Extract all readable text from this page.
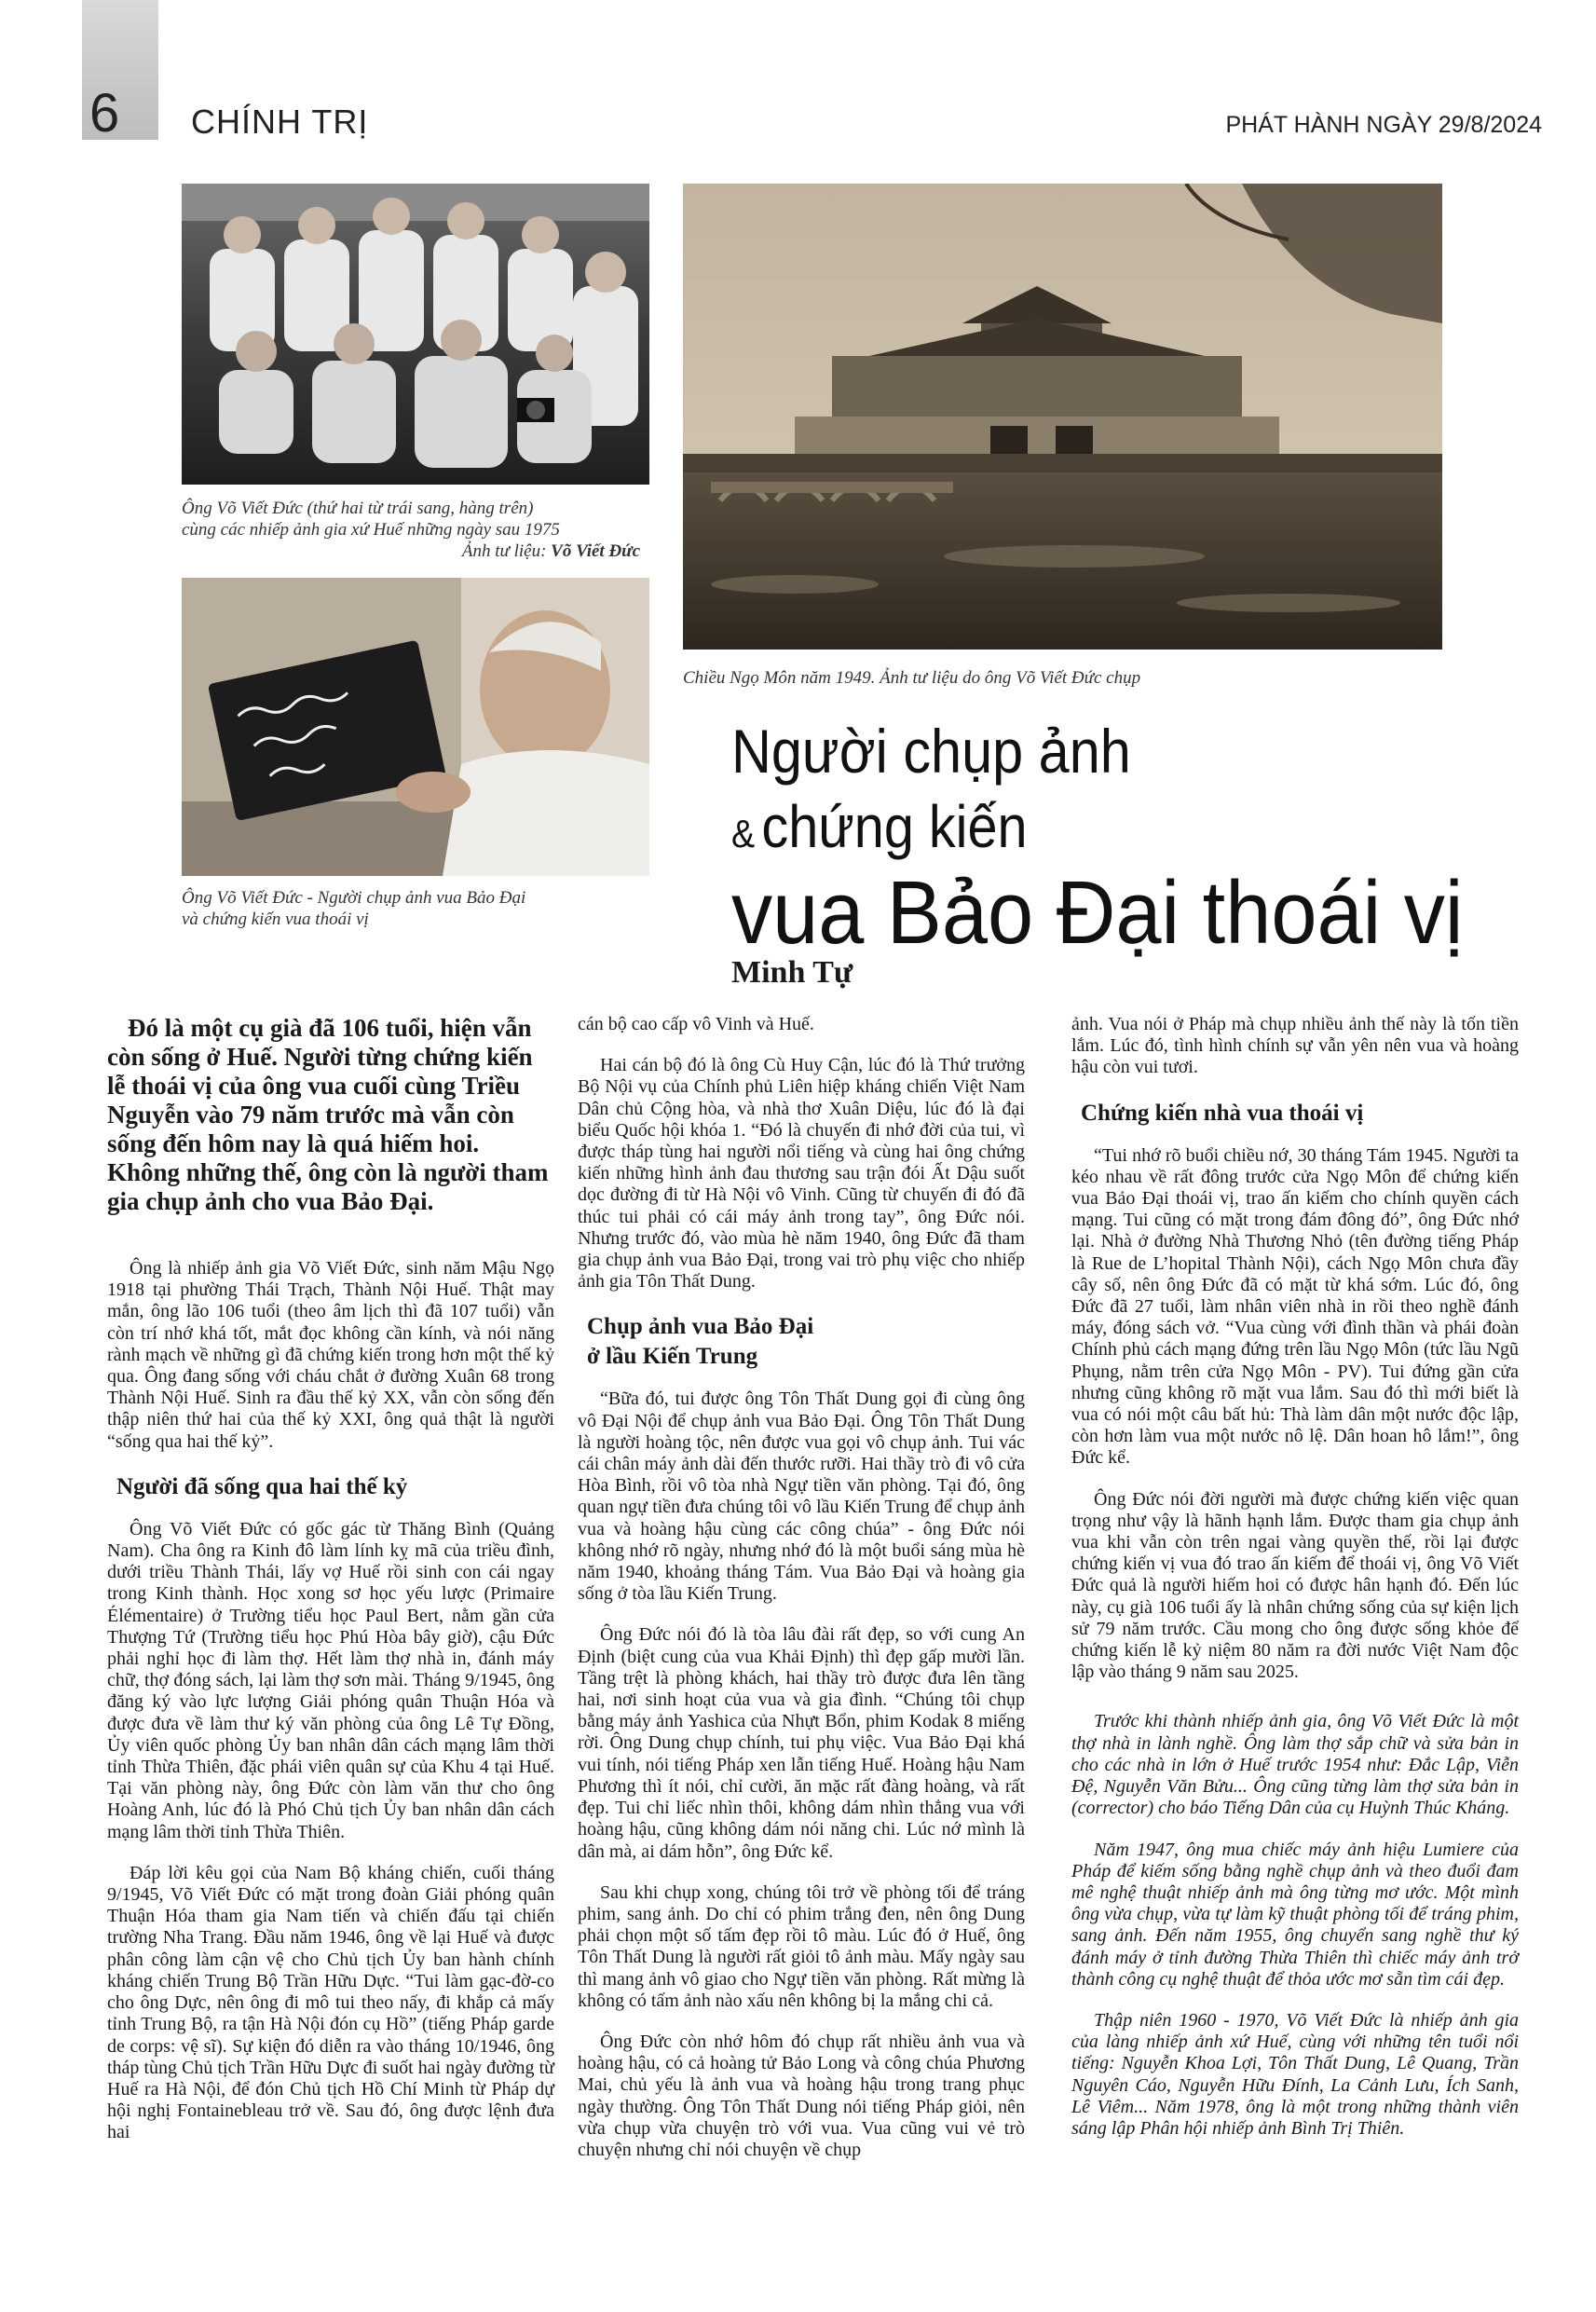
6 CHÍNH TRỊ	PHÁT HÀNH NGÀY 29/8/2024
Ông Võ Viết Đức (thứ hai từ trái sang, hàng trên)
cùng các nhiếp ảnh gia xứ Huế những ngày sau 1975
Ảnh tư liệu: Võ Viết Đức
Chiều Ngọ Môn năm 1949. Ảnh tư liệu do ông Võ Viết Đức chụp
Ông Võ Viết Đức - Người chụp ảnh vua Bảo Đại
và chứng kiến vua thoái vị
Người chụp ảnh
& chứng kiến
vua Bảo Đại thoái vị
Minh Tự
Đó là một cụ già đã 106 tuổi, hiện vẫn còn sống ở Huế. Người từng chứng kiến lễ thoái vị của ông vua cuối cùng Triều Nguyễn vào 79 năm trước mà vẫn còn sống đến hôm nay là quá hiếm hoi. Không những thế, ông còn là người tham gia chụp ảnh cho vua Bảo Đại.

Ông là nhiếp ảnh gia Võ Viết Đức, sinh năm Mậu Ngọ 1918 tại phường Thái Trạch, Thành Nội Huế. Thật may mắn, ông lão 106 tuổi (theo âm lịch thì đã 107 tuổi) vẫn còn trí nhớ khá tốt, mắt đọc không cần kính, và nói năng rành mạch về những gì đã chứng kiến trong hơn một thế kỷ qua. Ông đang sống với cháu chắt ở đường Xuân 68 trong Thành Nội Huế. Sinh ra đầu thế kỷ XX, vẫn còn sống đến thập niên thứ hai của thế kỷ XXI, ông quả thật là người “sống qua hai thế kỷ”.

Người đã sống qua hai thế kỷ

Ông Võ Viết Đức có gốc gác từ Thăng Bình (Quảng Nam). Cha ông ra Kinh đô làm lính kỵ mã của triều đình, dưới triều Thành Thái, lấy vợ Huế rồi sinh con cái ngay trong Kinh thành. Học xong sơ học yếu lược (Primaire Élémentaire) ở Trường tiểu học Paul Bert, nằm gần cửa Thượng Tứ (Trường tiểu học Phú Hòa bây giờ), cậu Đức phải nghỉ học đi làm thợ. Hết làm thợ nhà in, đánh máy chữ, thợ đóng sách, lại làm thợ sơn mài. Tháng 9/1945, ông đăng ký vào lực lượng Giải phóng quân Thuận Hóa và được đưa về làm thư ký văn phòng của ông Lê Tự Đồng, Ủy viên quốc phòng Ủy ban nhân dân cách mạng lâm thời tỉnh Thừa Thiên, đặc phái viên quân sự của Khu 4 tại Huế. Tại văn phòng này, ông Đức còn làm văn thư cho ông Hoàng Anh, lúc đó là Phó Chủ tịch Ủy ban nhân dân cách mạng lâm thời tỉnh Thừa Thiên.

Đáp lời kêu gọi của Nam Bộ kháng chiến, cuối tháng 9/1945, Võ Viết Đức có mặt trong đoàn Giải phóng quân Thuận Hóa tham gia Nam tiến và chiến đấu tại chiến trường Nha Trang. Đầu năm 1946, ông về lại Huế và được phân công làm cận vệ cho Chủ tịch Ủy ban hành chính kháng chiến Trung Bộ Trần Hữu Dực. “Tui làm gạc-đờ-co cho ông Dực, nên ông đi mô tui theo nấy, đi khắp cả mấy tỉnh Trung Bộ, ra tận Hà Nội đón cụ Hồ” (tiếng Pháp garde de corps: vệ sĩ). Sự kiện đó diễn ra vào tháng 10/1946, ông tháp tùng Chủ tịch Trần Hữu Dực đi suốt hai ngày đường từ Huế ra Hà Nội, để đón Chủ tịch Hồ Chí Minh từ Pháp dự hội nghị Fontainebleau trở về. Sau đó, ông được lệnh đưa hai

cán bộ cao cấp vô Vinh và Huế.

Hai cán bộ đó là ông Cù Huy Cận, lúc đó là Thứ trưởng Bộ Nội vụ của Chính phủ Liên hiệp kháng chiến Việt Nam Dân chủ Cộng hòa, và nhà thơ Xuân Diệu, lúc đó là đại biểu Quốc hội khóa 1. “Đó là chuyến đi nhớ đời của tui, vì được tháp tùng hai người nổi tiếng và cùng hai ông chứng kiến những hình ảnh đau thương sau trận đói Ất Dậu suốt dọc đường đi từ Hà Nội vô Vinh. Cũng từ chuyến đi đó đã thúc tui phải có cái máy ảnh trong tay”, ông Đức nói. Nhưng trước đó, vào mùa hè năm 1940, ông Đức đã tham gia chụp ảnh vua Bảo Đại, trong vai trò phụ việc cho nhiếp ảnh gia Tôn Thất Dung.

Chụp ảnh vua Bảo Đại
ở lầu Kiến Trung

“Bữa đó, tui được ông Tôn Thất Dung gọi đi cùng ông vô Đại Nội để chụp ảnh vua Bảo Đại. Ông Tôn Thất Dung là người hoàng tộc, nên được vua gọi vô chụp ảnh. Tui vác cái chân máy ảnh dài đến thước rưỡi. Hai thầy trò đi vô cửa Hòa Bình, rồi vô tòa nhà Ngự tiền văn phòng. Tại đó, ông quan ngự tiền đưa chúng tôi vô lầu Kiến Trung để chụp ảnh vua và hoàng hậu cùng các công chúa” - ông Đức nói không nhớ rõ ngày, nhưng nhớ đó là một buổi sáng mùa hè năm 1940, khoảng tháng Tám. Vua Bảo Đại và hoàng gia sống ở tòa lầu Kiến Trung.

Ông Đức nói đó là tòa lâu đài rất đẹp, so với cung An Định (biệt cung của vua Khải Định) thì đẹp gấp mười lần. Tầng trệt là phòng khách, hai thầy trò được đưa lên tầng hai, nơi sinh hoạt của vua và gia đình. “Chúng tôi chụp bằng máy ảnh Yashica của Nhựt Bổn, phim Kodak 8 miếng rời. Ông Dung chụp chính, tui phụ việc. Vua Bảo Đại khá vui tính, nói tiếng Pháp xen lẫn tiếng Huế. Hoàng hậu Nam Phương thì ít nói, chỉ cười, ăn mặc rất đàng hoàng, và rất đẹp. Tui chỉ liếc nhìn thôi, không dám nhìn thẳng vua với hoàng hậu, cũng không dám nói năng chi. Lúc nớ mình là dân mà, ai dám hỗn”, ông Đức kể.

Sau khi chụp xong, chúng tôi trở về phòng tối để tráng phim, sang ảnh. Do chỉ có phim trắng đen, nên ông Dung phải chọn một số tấm đẹp rồi tô màu. Lúc đó ở Huế, ông Tôn Thất Dung là người rất giỏi tô ảnh màu. Mấy ngày sau thì mang ảnh vô giao cho Ngự tiền văn phòng. Rất mừng là không có tấm ảnh nào xấu nên không bị la mắng chi cả.

Ông Đức còn nhớ hôm đó chụp rất nhiều ảnh vua và hoàng hậu, có cả hoàng tử Bảo Long và công chúa Phương Mai, chủ yếu là ảnh vua và hoàng hậu trong trang phục ngày thường. Ông Tôn Thất Dung nói tiếng Pháp giỏi, nên vừa chụp vừa chuyện trò với vua. Vua cũng vui vẻ trò chuyện nhưng chỉ nói chuyện về chụp

ảnh. Vua nói ở Pháp mà chụp nhiều ảnh thế này là tốn tiền lắm. Lúc đó, tình hình chính sự vẫn yên nên vua và hoàng hậu còn vui tươi.

Chứng kiến nhà vua thoái vị

“Tui nhớ rõ buổi chiều nớ, 30 tháng Tám 1945. Người ta kéo nhau về rất đông trước cửa Ngọ Môn để chứng kiến vua Bảo Đại thoái vị, trao ấn kiếm cho chính quyền cách mạng. Tui cũng có mặt trong đám đông đó”, ông Đức nhớ lại. Nhà ở đường Nhà Thương Nhỏ (tên đường tiếng Pháp là Rue de L’hopital Thành Nội), cách Ngọ Môn chưa đầy cây số, nên ông Đức đã có mặt từ khá sớm. Lúc đó, ông Đức đã 27 tuổi, làm nhân viên nhà in rồi theo nghề đánh máy, đóng sách vở. “Vua cùng với đình thần và phái đoàn Chính phủ cách mạng đứng trên lầu Ngọ Môn (tức lầu Ngũ Phụng, nằm trên cửa Ngọ Môn - PV). Tui đứng gần cửa nhưng cũng không rõ mặt vua lắm. Sau đó thì mới biết là vua có nói một câu bất hủ: Thà làm dân một nước độc lập, còn hơn làm vua một nước nô lệ. Dân hoan hô lắm!”, ông Đức kể.

Ông Đức nói đời người mà được chứng kiến việc quan trọng như vậy là hãnh hạnh lắm. Được tham gia chụp ảnh vua khi vẫn còn trên ngai vàng quyền thế, rồi lại được chứng kiến vị vua đó trao ấn kiếm để thoái vị, ông Võ Viết Đức quả là người hiếm hoi có được hân hạnh đó. Đến lúc này, cụ già 106 tuổi ấy là nhân chứng sống của sự kiện lịch sử 79 năm trước. Cầu mong cho ông được sống khỏe để chứng kiến lễ kỷ niệm 80 năm ra đời nước Việt Nam độc lập vào tháng 9 năm sau 2025.

Trước khi thành nhiếp ảnh gia, ông Võ Viết Đức là một thợ nhà in lành nghề. Ông làm thợ sắp chữ và sửa bản in cho các nhà in lớn ở Huế trước 1954 như: Đắc Lập, Viễn Đệ, Nguyễn Văn Bửu... Ông cũng từng làm thợ sửa bản in (corrector) cho báo Tiếng Dân của cụ Huỳnh Thúc Kháng.

Năm 1947, ông mua chiếc máy ảnh hiệu Lumiere của Pháp để kiếm sống bằng nghề chụp ảnh và theo đuổi đam mê nghệ thuật nhiếp ảnh mà ông từng mơ ước. Một mình ông vừa chụp, vừa tự làm kỹ thuật phòng tối để tráng phim, sang ảnh. Đến năm 1955, ông chuyển sang nghề thư ký đánh máy ở tỉnh đường Thừa Thiên thì chiếc máy ảnh trở thành công cụ nghệ thuật để thỏa ước mơ sẵn tìm cái đẹp.

Thập niên 1960 - 1970, Võ Viết Đức là nhiếp ảnh gia của làng nhiếp ảnh xứ Huế, cùng với những tên tuổi nổi tiếng: Nguyễn Khoa Lợi, Tôn Thất Dung, Lê Quang, Trần Nguyên Cáo, Nguyễn Hữu Đính, La Cảnh Lưu, Ích Sanh, Lê Viêm... Năm 1978, ông là một trong những thành viên sáng lập Phân hội nhiếp ảnh Bình Trị Thiên.
